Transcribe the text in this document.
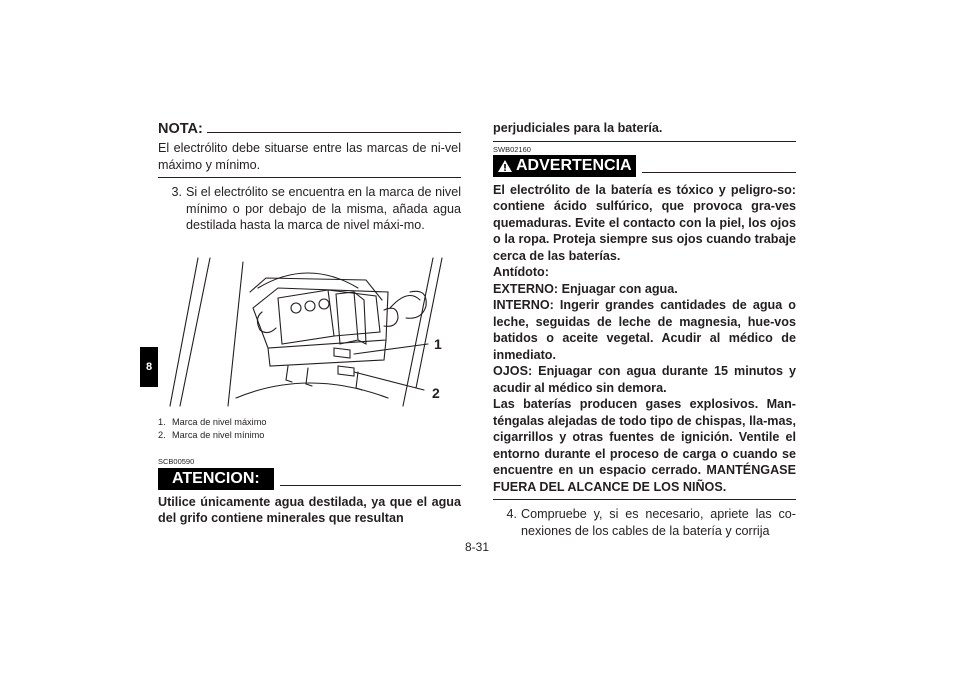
8
NOTA:
El electrólito debe situarse entre las marcas de ni-vel máximo y mínimo.
3. Si el electrólito se encuentra en la marca de nivel mínimo o por debajo de la misma, añada agua destilada hasta la marca de nivel máxi-mo.
1
2
1. Marca de nivel máximo
2. Marca de nivel mínimo
SCB00590
ATENCION:
Utilice únicamente agua destilada, ya que el agua del grifo contiene minerales que resultan
perjudiciales para la batería.
SWB02160
ADVERTENCIA
El electrólito de la batería es tóxico y peligro-so: contiene ácido sulfúrico, que provoca gra-ves quemaduras. Evite el contacto con la piel, los ojos o la ropa. Proteja siempre sus ojos cuando trabaje cerca de las baterías.
Antídoto:
EXTERNO: Enjuagar con agua.
INTERNO: Ingerir grandes cantidades de agua o leche, seguidas de leche de magnesia, hue-vos batidos o aceite vegetal. Acudir al médico de inmediato.
OJOS: Enjuagar con agua durante 15 minutos y acudir al médico sin demora.
Las baterías producen gases explosivos. Man-téngalas alejadas de todo tipo de chispas, lla-mas, cigarrillos y otras fuentes de ignición. Ventile el entorno durante el proceso de carga o cuando se encuentre en un espacio cerrado. MANTÉNGASE FUERA DEL ALCANCE DE LOS NIÑOS.
4. Compruebe y, si es necesario, apriete las co-nexiones de los cables de la batería y corrija
8-31
